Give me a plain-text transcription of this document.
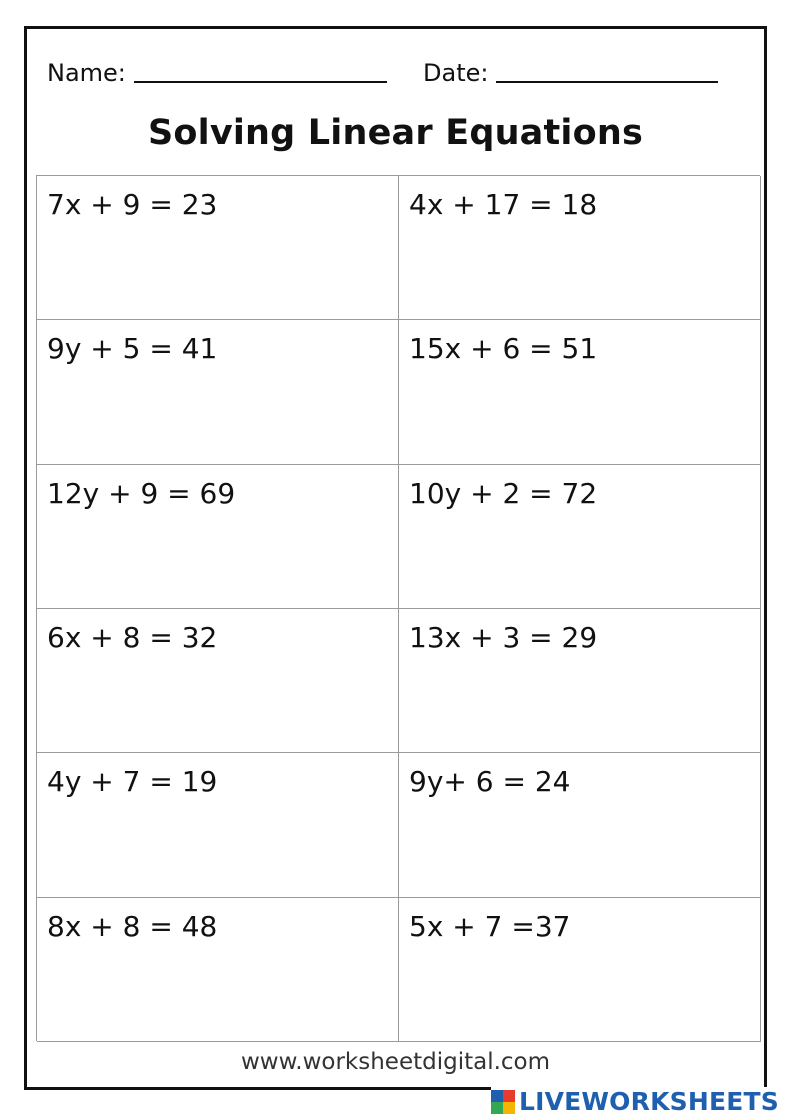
Name:	Date:
Solving Linear Equations
7x + 9 = 23	4x + 17 = 18
9y + 5 = 41	15x + 6 = 51
12y + 9 = 69	10y + 2 = 72
6x + 8 = 32	13x + 3 = 29
4y + 7 = 19	9y+ 6 = 24
8x + 8 = 48	5x + 7 =37
www.worksheetdigital.com
LIVEWORKSHEETS
